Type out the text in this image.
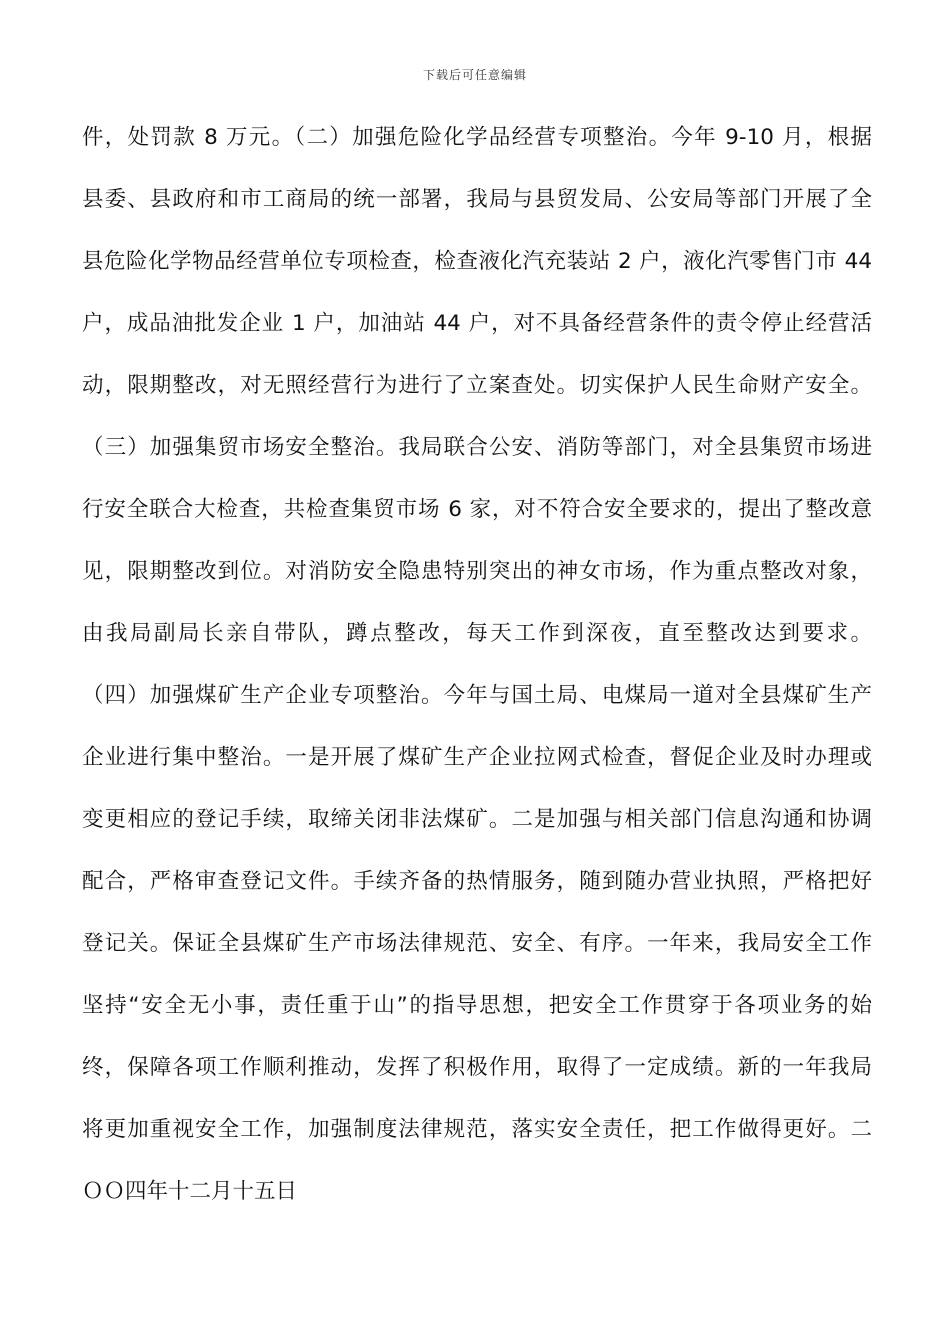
下载后可任意编辑
件，处罚款 8 万元。（二）加强危险化学品经营专项整治。今年 9-10 月，根据
县委、县政府和市工商局的统一部署，我局与县贸发局、公安局等部门开展了全
县危险化学物品经营单位专项检查，检查液化汽充装站 2 户，液化汽零售门市 44
户，成品油批发企业 1 户，加油站 44 户，对不具备经营条件的责令停止经营活
动，限期整改，对无照经营行为进行了立案查处。切实保护人民生命财产安全。
（三）加强集贸市场安全整治。我局联合公安、消防等部门，对全县集贸市场进
行安全联合大检查，共检查集贸市场 6 家，对不符合安全要求的，提出了整改意
见，限期整改到位。对消防安全隐患特别突出的神女市场，作为重点整改对象，
由我局副局长亲自带队，蹲点整改，每天工作到深夜，直至整改达到要求。
（四）加强煤矿生产企业专项整治。今年与国土局、电煤局一道对全县煤矿生产
企业进行集中整治。一是开展了煤矿生产企业拉网式检查，督促企业及时办理或
变更相应的登记手续，取缔关闭非法煤矿。二是加强与相关部门信息沟通和协调
配合，严格审查登记文件。手续齐备的热情服务，随到随办营业执照，严格把好
登记关。保证全县煤矿生产市场法律规范、安全、有序。一年来，我局安全工作
坚持“安全无小事，责任重于山”的指导思想，把安全工作贯穿于各项业务的始
终，保障各项工作顺利推动，发挥了积极作用，取得了一定成绩。新的一年我局
将更加重视安全工作，加强制度法律规范，落实安全责任，把工作做得更好。二
ＯＯ四年十二月十五日
